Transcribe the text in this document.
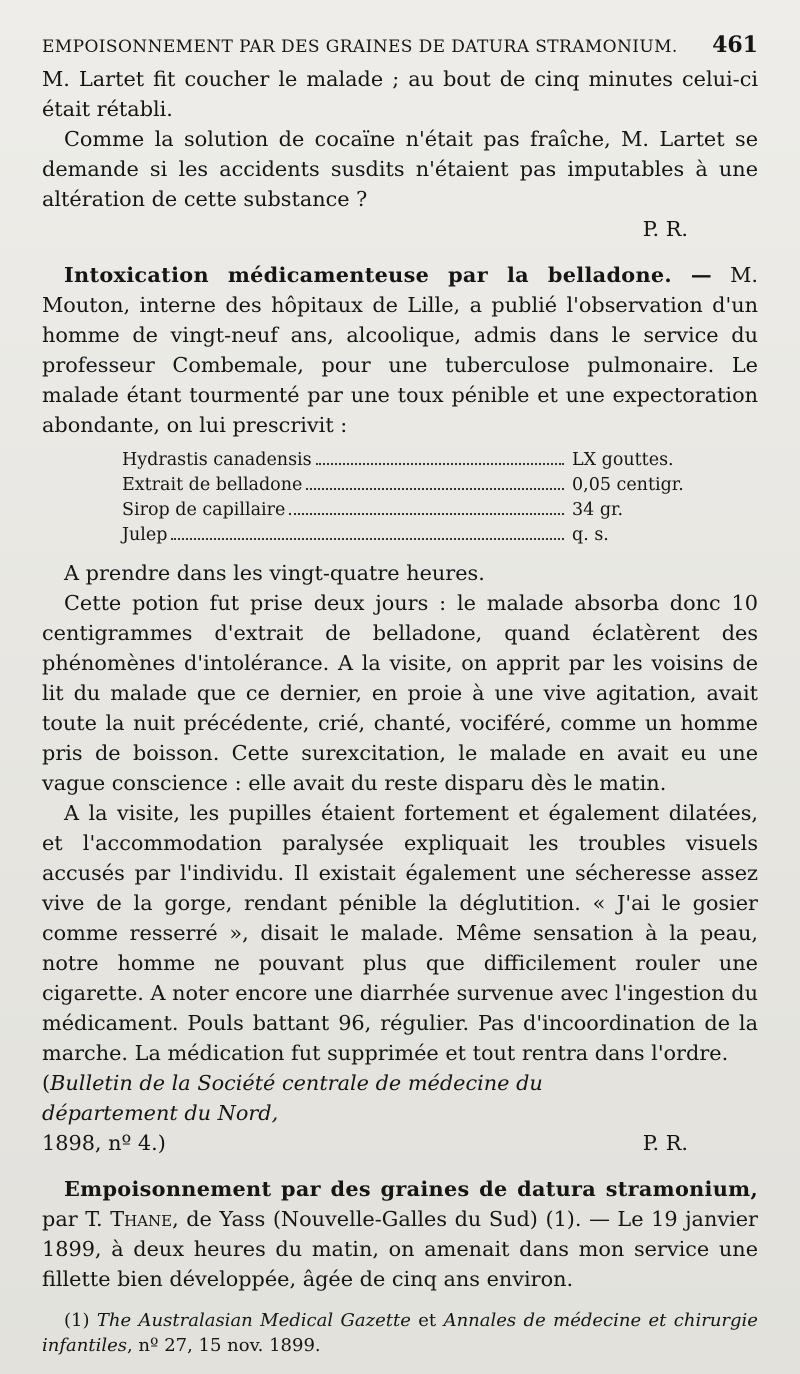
EMPOISONNEMENT PAR DES GRAINES DE DATURA STRAMONIUM. 461

M. Lartet fit coucher le malade ; au bout de cinq minutes celui-ci était rétabli.

Comme la solution de cocaïne n'était pas fraîche, M. Lartet se demande si les accidents susdits n'étaient pas imputables à une altération de cette substance ?

P. R.

Intoxication médicamenteuse par la belladone. — M. Mouton, interne des hôpitaux de Lille, a publié l'observation d'un homme de vingt-neuf ans, alcoolique, admis dans le service du professeur Combemale, pour une tuberculose pulmonaire. Le malade étant tourmenté par une toux pénible et une expectoration abondante, on lui prescrivit :

Hydrastis canadensis	LX gouttes.
Extrait de belladone	0,05 centigr.
Sirop de capillaire	34 gr.
Julep	q. s.

A prendre dans les vingt-quatre heures.

Cette potion fut prise deux jours : le malade absorba donc 10 centigrammes d'extrait de belladone, quand éclatèrent des phénomènes d'intolérance. A la visite, on apprit par les voisins de lit du malade que ce dernier, en proie à une vive agitation, avait toute la nuit précédente, crié, chanté, vociféré, comme un homme pris de boisson. Cette surexcitation, le malade en avait eu une vague conscience : elle avait du reste disparu dès le matin.

A la visite, les pupilles étaient fortement et également dilatées, et l'accommodation paralysée expliquait les troubles visuels accusés par l'individu. Il existait également une sécheresse assez vive de la gorge, rendant pénible la déglutition. « J'ai le gosier comme resserré », disait le malade. Même sensation à la peau, notre homme ne pouvant plus que difficilement rouler une cigarette. A noter encore une diarrhée survenue avec l'ingestion du médicament. Pouls battant 96, régulier. Pas d'incoordination de la marche. La médication fut supprimée et tout rentra dans l'ordre.

(Bulletin de la Société centrale de médecine du département du Nord,
1898, nº 4.)	P. R.

Empoisonnement par des graines de datura stramonium, par T. Thane, de Yass (Nouvelle-Galles du Sud) (1). — Le 19 janvier 1899, à deux heures du matin, on amenait dans mon service une fillette bien développée, âgée de cinq ans environ.

(1) The Australasian Medical Gazette et Annales de médecine et chirurgie infantiles, nº 27, 15 nov. 1899.
